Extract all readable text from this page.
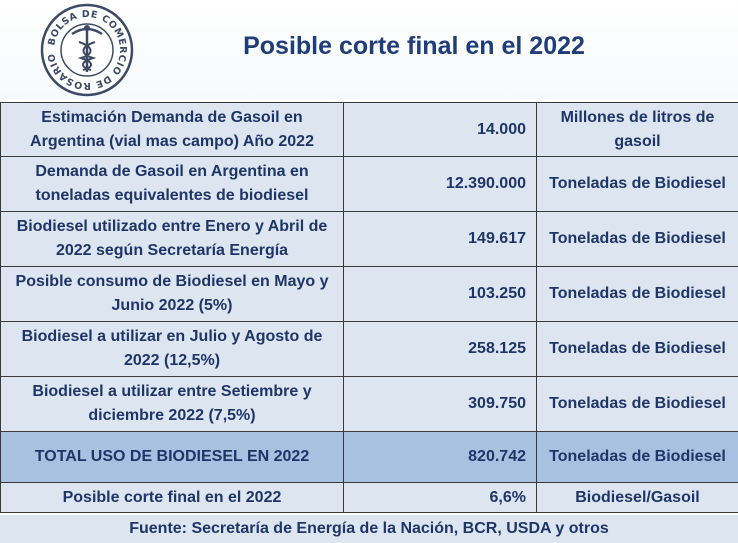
BOLSA DE COMERCIO DE ROSARIO	Posible corte final en el 2022
Estimación Demanda de Gasoil en Argentina (vial mas campo) Año 2022	14.000	Millones de litros de gasoil
Demanda de Gasoil en Argentina en toneladas equivalentes de biodiesel	12.390.000	Toneladas de Biodiesel
Biodiesel utilizado entre Enero y Abril de 2022 según Secretaría Energía	149.617	Toneladas de Biodiesel
Posible consumo de Biodiesel en Mayo y Junio 2022 (5%)	103.250	Toneladas de Biodiesel
Biodiesel a utilizar en Julio y Agosto de 2022 (12,5%)	258.125	Toneladas de Biodiesel
Biodiesel a utilizar entre Setiembre y diciembre 2022 (7,5%)	309.750	Toneladas de Biodiesel
TOTAL USO DE BIODIESEL EN 2022	820.742	Toneladas de Biodiesel
Posible corte final en el 2022	6,6%	Biodiesel/Gasoil
Fuente: Secretaría de Energía de la Nación, BCR, USDA y otros
